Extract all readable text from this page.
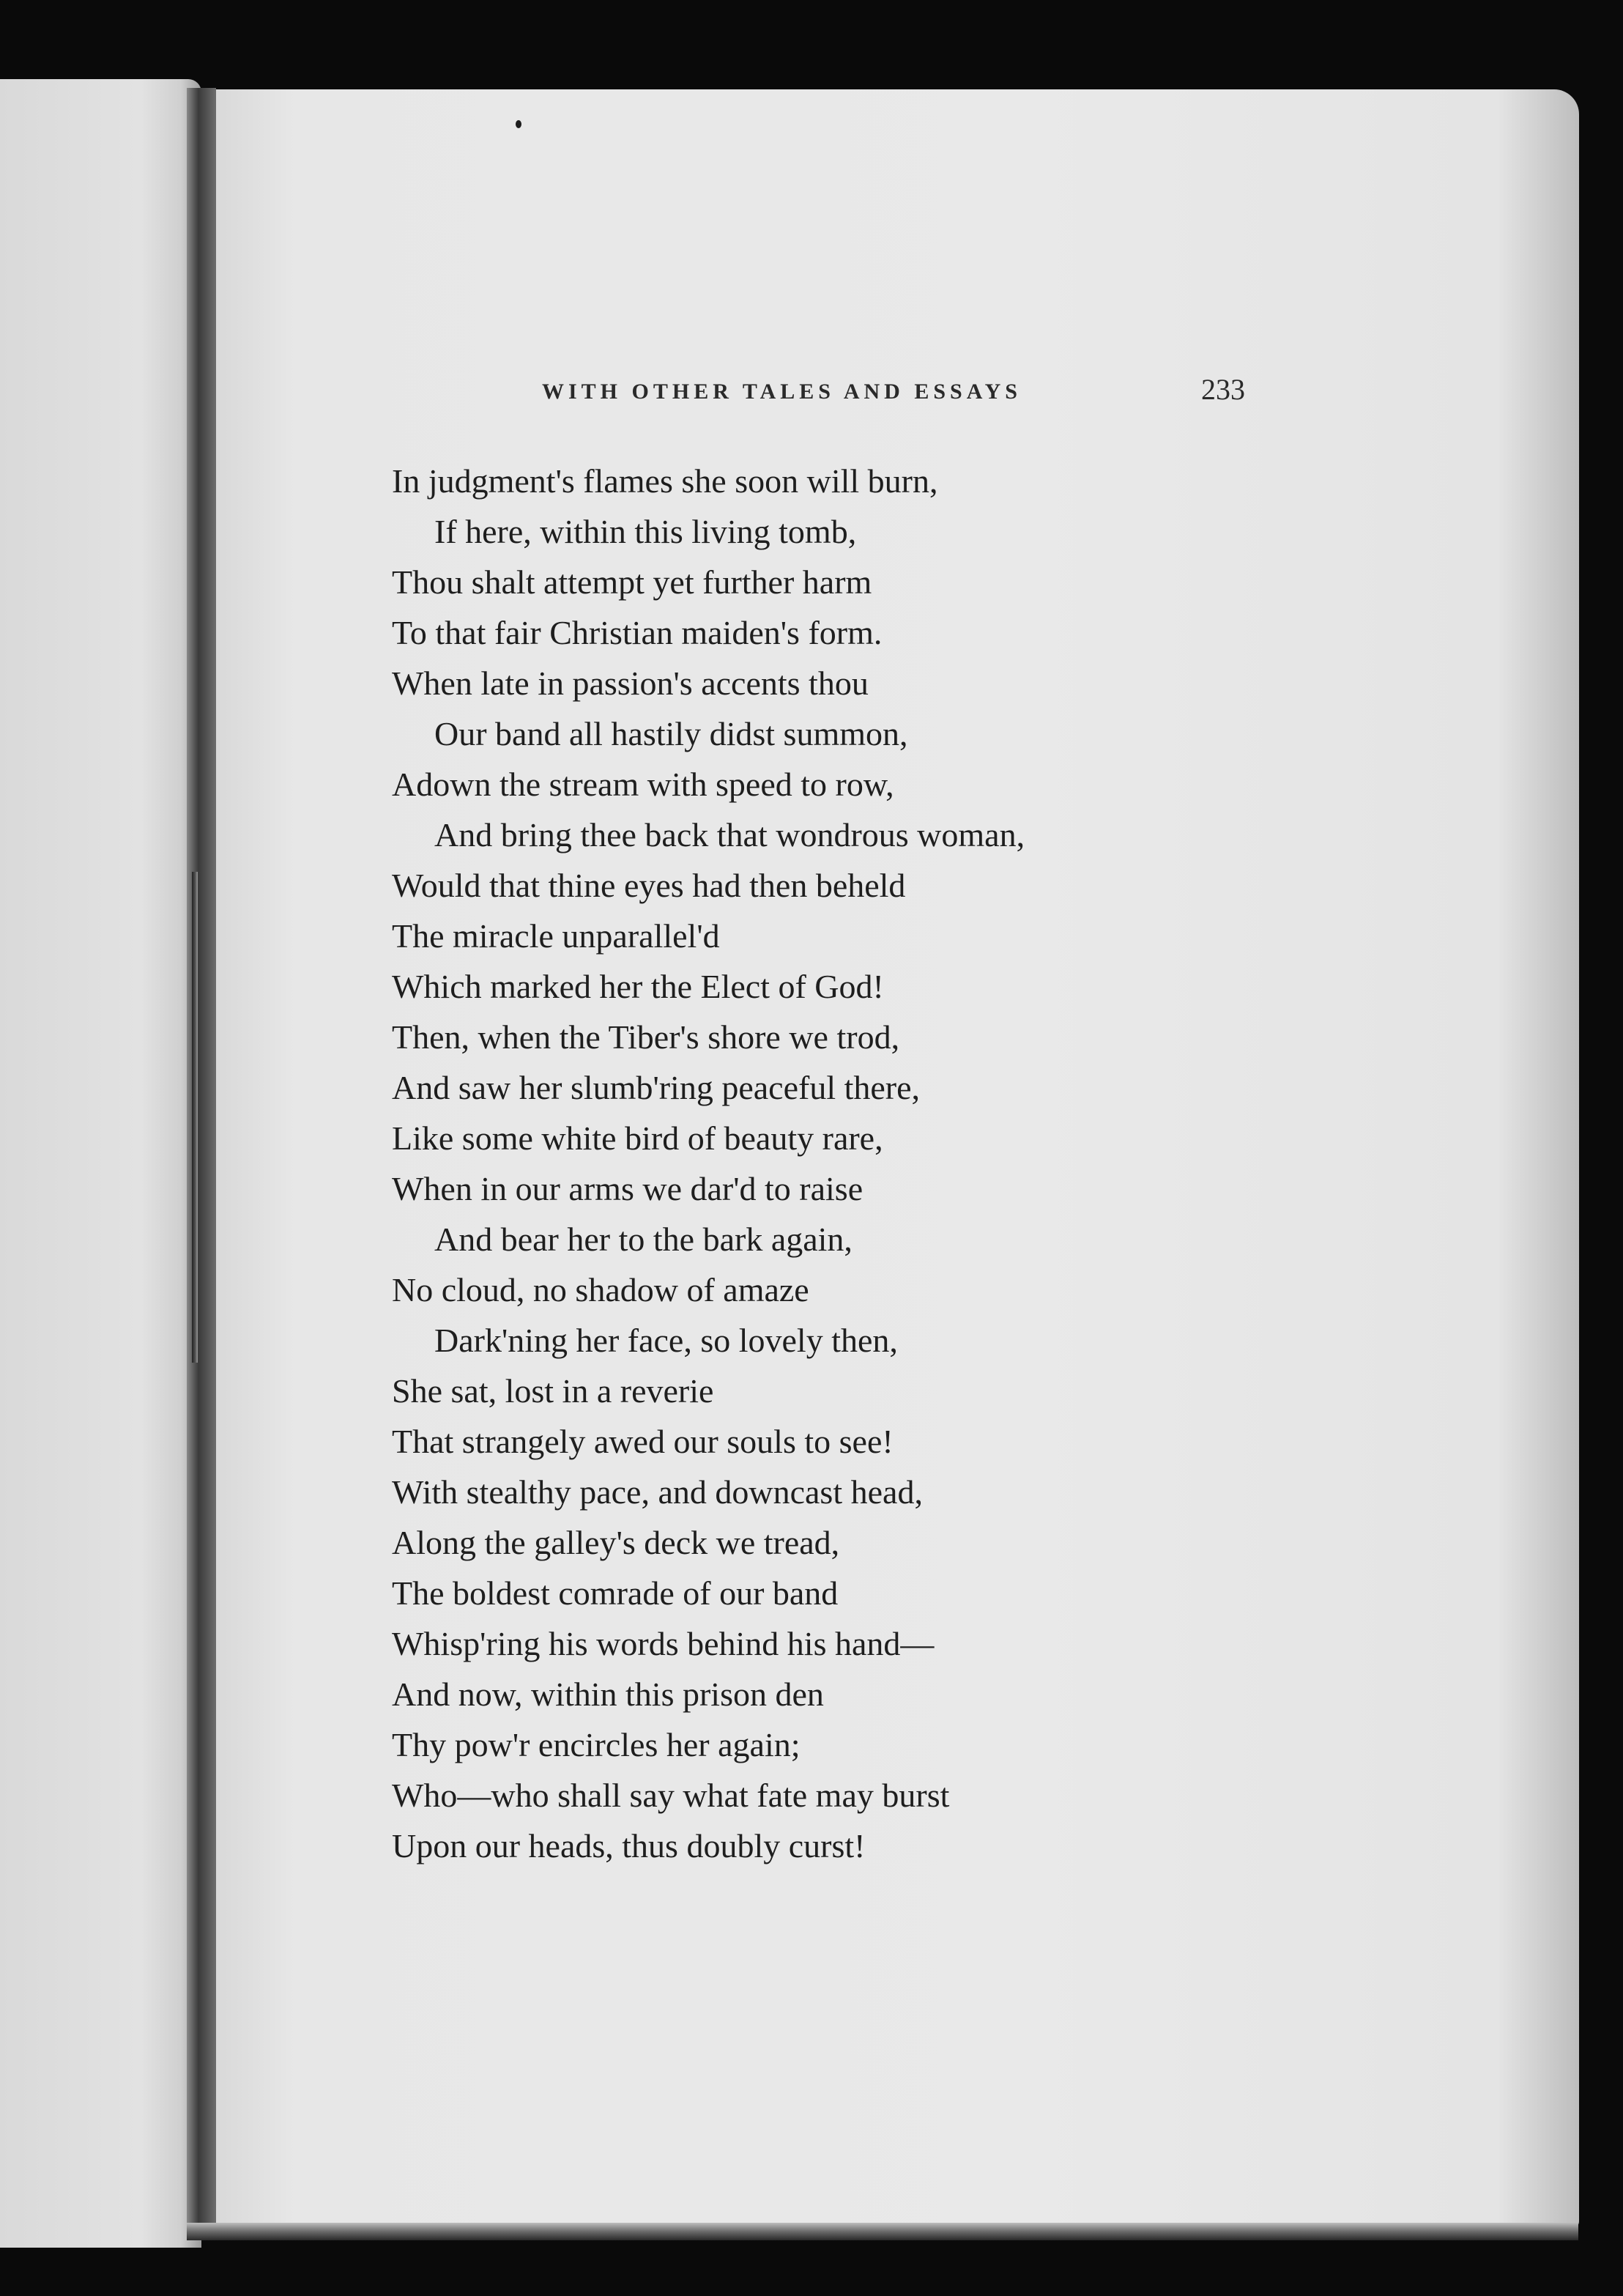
WITH OTHER TALES AND ESSAYS	233
In judgment's flames she soon will burn,
If here, within this living tomb,
Thou shalt attempt yet further harm
To that fair Christian maiden's form.
When late in passion's accents thou
Our band all hastily didst summon,
Adown the stream with speed to row,
And bring thee back that wondrous woman,
Would that thine eyes had then beheld
The miracle unparallel'd
Which marked her the Elect of God!
Then, when the Tiber's shore we trod,
And saw her slumb'ring peaceful there,
Like some white bird of beauty rare,
When in our arms we dar'd to raise
And bear her to the bark again,
No cloud, no shadow of amaze
Dark'ning her face, so lovely then,
She sat, lost in a reverie
That strangely awed our souls to see!
With stealthy pace, and downcast head,
Along the galley's deck we tread,
The boldest comrade of our band
Whisp'ring his words behind his hand—
And now, within this prison den
Thy pow'r encircles her again;
Who—who shall say what fate may burst
Upon our heads, thus doubly curst!
